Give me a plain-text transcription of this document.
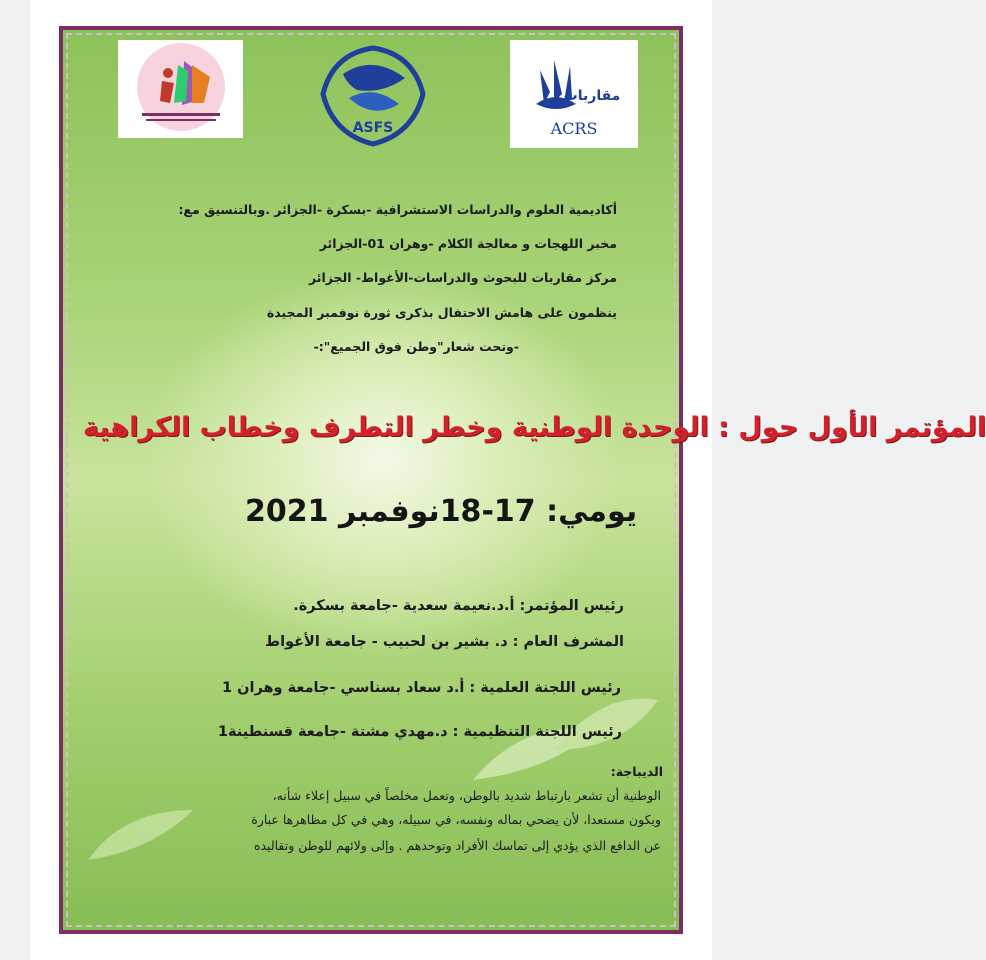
ASFS
مقاربات
ACRS
أكاديمية العلوم والدراسات الاستشرافية -بسكرة -الجزائر .وبالتنسيق مع:
مخبر اللهجات و معالجة الكلام -وهران 01-الجزائر
مركز مقاربات للبحوث والدراسات-الأغواط- الجزائر
ينظمون على هامش الاحتفال بذكرى ثورة نوفمبر المجيدة
-وتحت شعار"وطن فوق الجميع":-
المؤتمر الأول حول : الوحدة الوطنية وخطر التطرف وخطاب الكراهية
يومي: 17-18نوفمبر 2021
رئيس المؤتمر: أ.د.نعيمة سعدية -جامعة بسكرة.
المشرف العام : د. بشير بن لحبيب - جامعة الأغواط
رئيس اللجنة العلمية : أ.د سعاد بسناسي -جامعة وهران 1
رئيس اللجنة التنظيمية : د.مهدي مشتة -جامعة قسنطينة1
الديباجة:
الوطنية أن تشعر بارتباط شديد بالوطن، وتعمل مخلصاً في سبيل إعلاء شأنه،
ويكون مستعدا، لأن يضحي بماله ونفسه، في سبيله، وهي في كل مظاهرها عبارة
عن الدافع الذي يؤدي إلى تماسك الأفراد وتوحدهم . وإلى ولائهم للوطن وتقاليده
